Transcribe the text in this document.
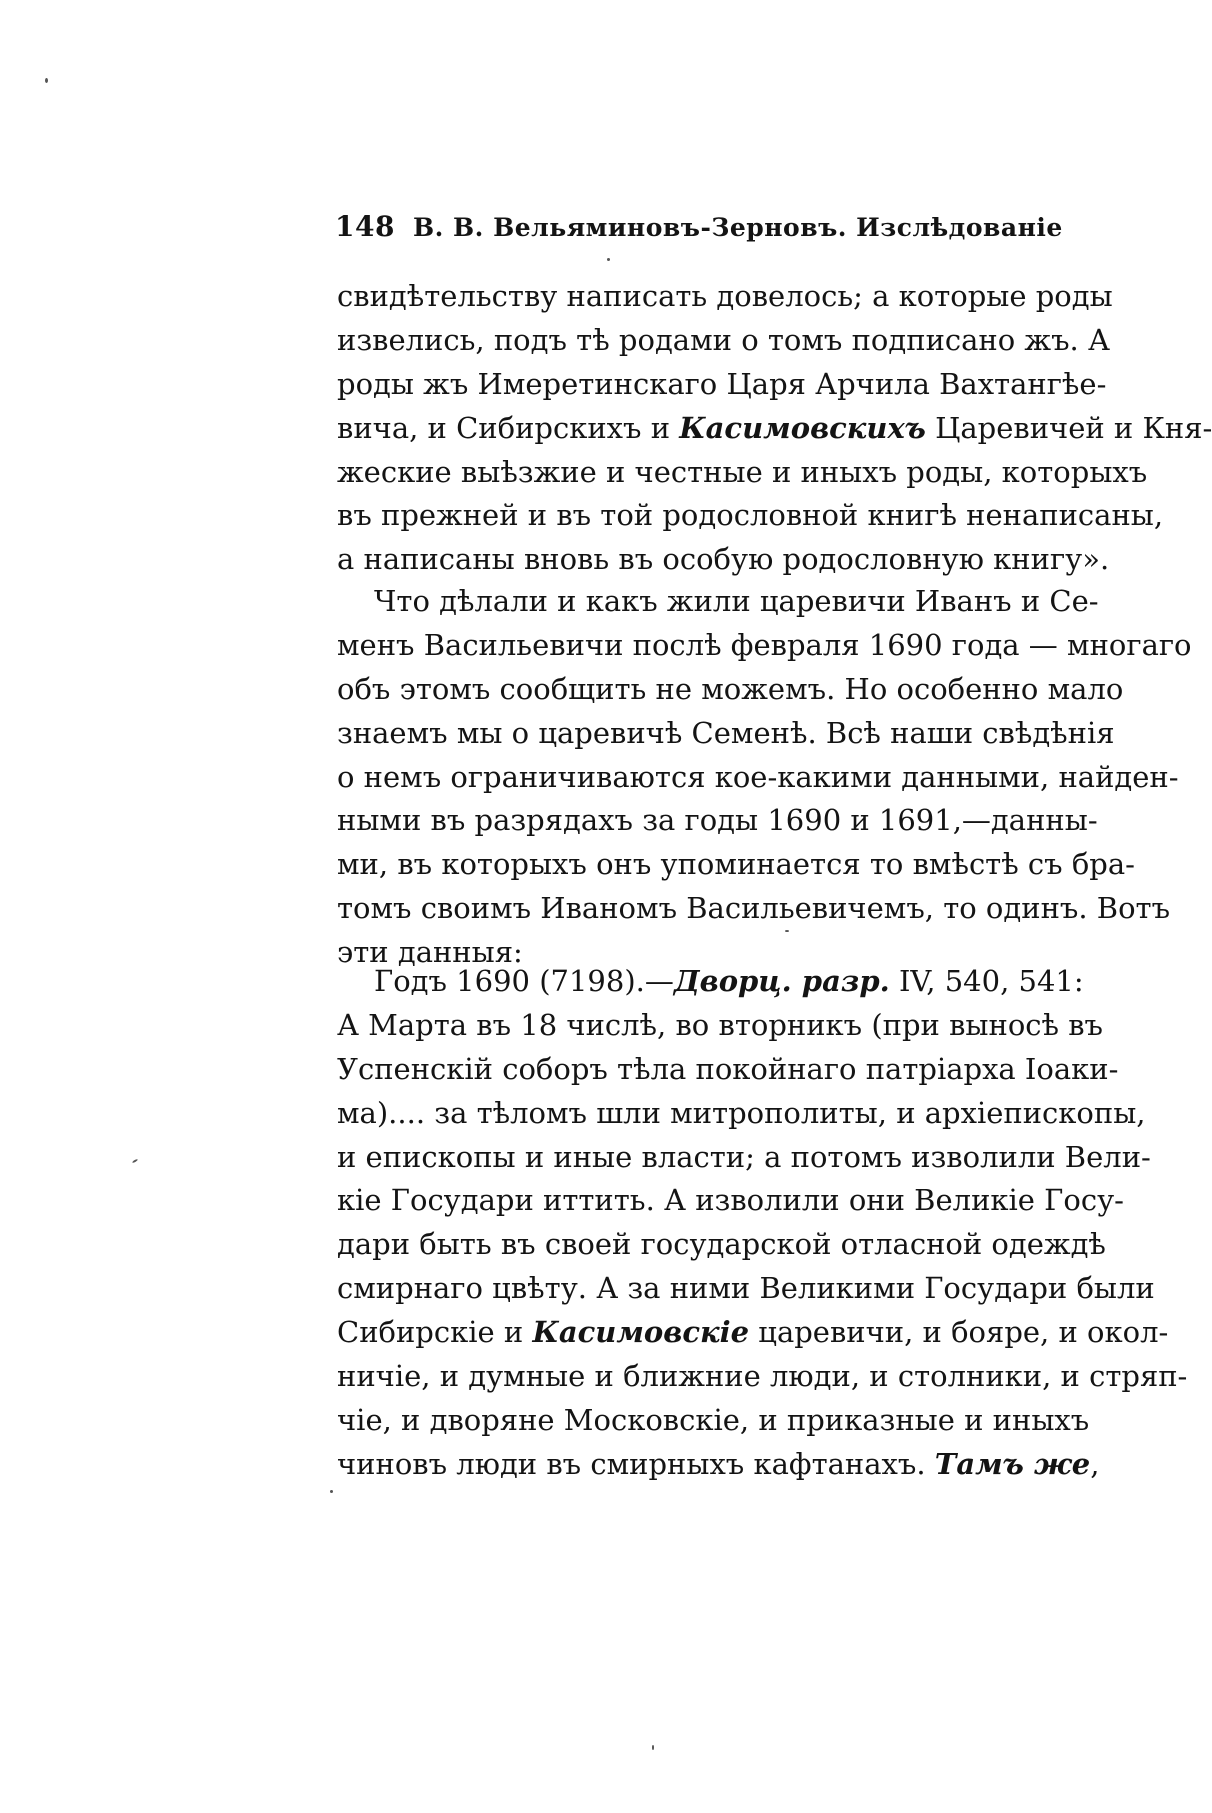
148 В. В. Вельяминовъ-Зерновъ. Изслѣдованiе
свидѣтельству написать довелось; а которые роды
извелись, подъ тѣ родами о томъ подписано жъ. А
роды жъ Имеретинскаго Царя Арчила Вахтангѣе-
вича, и Сибирскихъ и Касимовскихъ Царевичей и Кня-
жеские выѣзжие и честные и иныхъ роды, которыхъ
въ прежней и въ той родословной книгѣ ненаписаны,
а написаны вновь въ особую родословную книгу».
Что дѣлали и какъ жили царевичи Иванъ и Се-
менъ Васильевичи послѣ февраля 1690 года — многаго
объ этомъ сообщить не можемъ. Но особенно мало
знаемъ мы о царевичѣ Семенѣ. Всѣ наши свѣдѣнiя
о немъ ограничиваются кое-какими данными, найден-
ными въ разрядахъ за годы 1690 и 1691,—данны-
ми, въ которыхъ онъ упоминается то вмѣстѣ съ бра-
томъ своимъ Иваномъ Васильевичемъ, то одинъ. Вотъ
эти данныя:
Годъ 1690 (7198).—Дворц. разр. IV, 540, 541:
А Марта въ 18 числѣ, во вторникъ (при выносѣ въ
Успенскiй соборъ тѣла покойнаго патрiарха Iоаки-
ма).... за тѣломъ шли митрополиты, и архiепископы,
и епископы и иные власти; а потомъ изволили Вели-
кiе Государи иттить. А изволили они Великiе Госу-
дари быть въ своей государской отласной одеждѣ
смирнаго цвѣту. А за ними Великими Государи были
Сибирскiе и Касимовскiе царевичи, и бояре, и окол-
ничiе, и думные и ближние люди, и столники, и стряп-
чiе, и дворяне Московскiе, и приказные и иныхъ
чиновъ люди въ смирныхъ кафтанахъ. Тамъ же,
